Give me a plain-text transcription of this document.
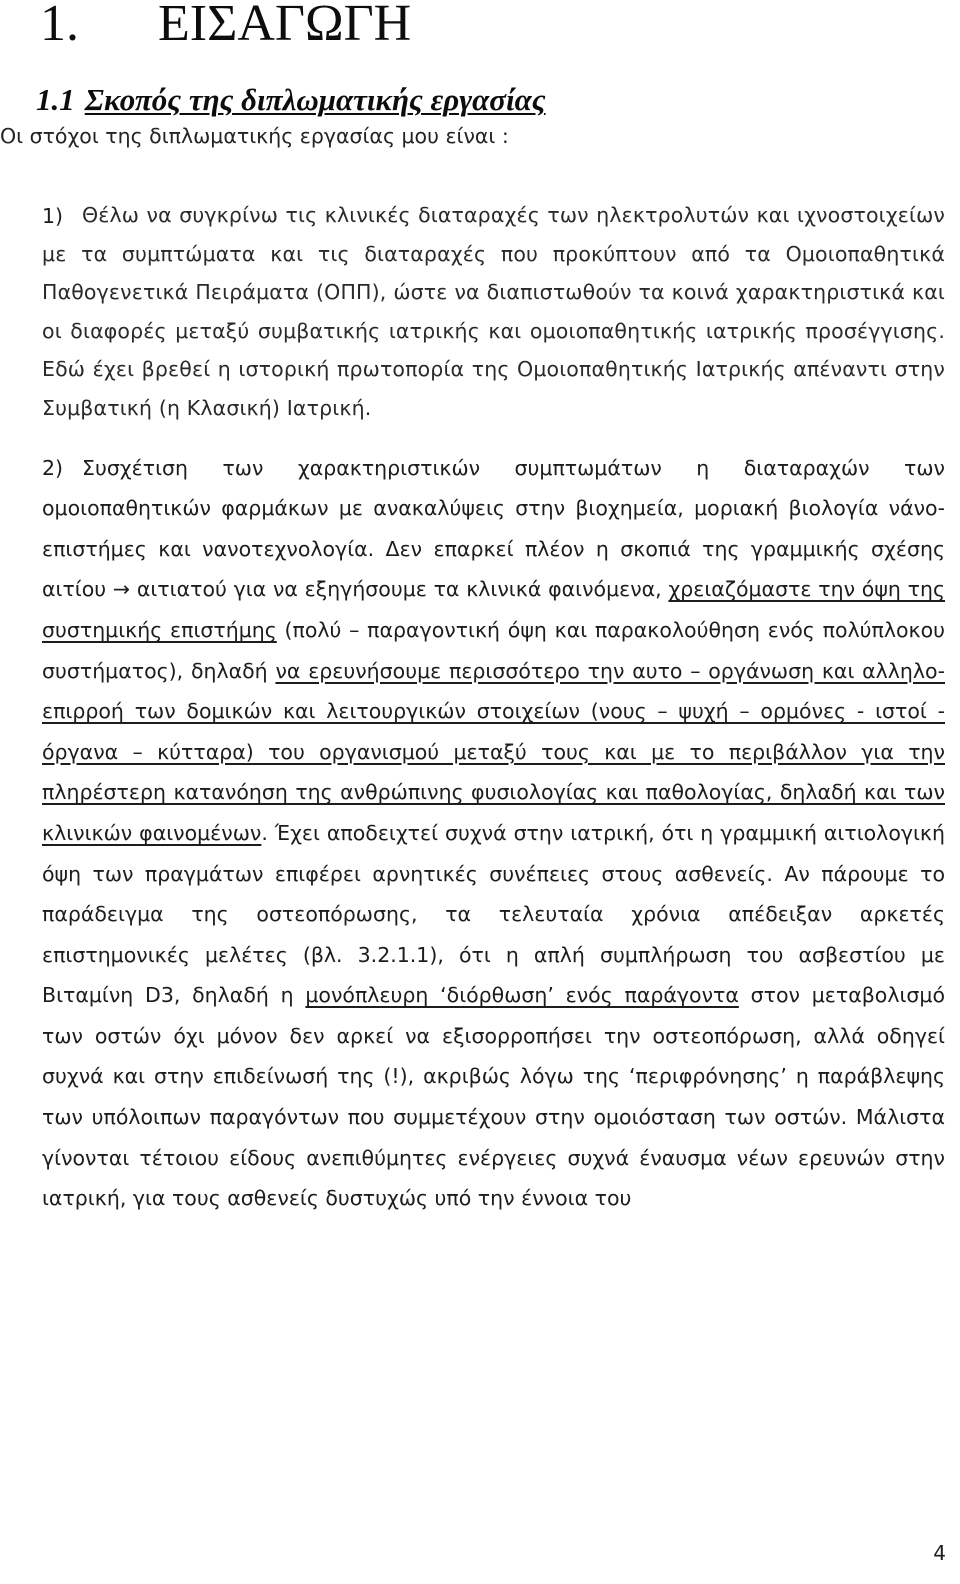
1. ΕΙΣΑΓΩΓΗ
1.1 Σκοπός της διπλωματικής εργασίας

Οι στόχοι της διπλωματικής εργασίας μου είναι :

1) Θέλω να συγκρίνω τις κλινικές διαταραχές των ηλεκτρολυτών και ιχνοστοιχείων με τα συμπτώματα και τις διαταραχές που προκύπτουν από τα Ομοιοπαθητικά Παθογενετικά Πειράματα (ΟΠΠ), ώστε να διαπιστωθούν τα κοινά χαρακτηριστικά και οι διαφορές μεταξύ συμβατικής ιατρικής και ομοιοπαθητικής ιατρικής προσέγγισης. Εδώ έχει βρεθεί η ιστορική πρωτοπορία της Ομοιοπαθητικής Ιατρικής απέναντι στην Συμβατική (η Κλασική) Ιατρική.

2) Συσχέτιση των χαρακτηριστικών συμπτωμάτων η διαταραχών των ομοιοπαθητικών φαρμάκων με ανακαλύψεις στην βιοχημεία, μοριακή βιολογία νάνο-επιστήμες και νανοτεχνολογία. Δεν επαρκεί πλέον η σκοπιά της γραμμικής σχέσης αιτίου → αιτιατού για να εξηγήσουμε τα κλινικά φαινόμενα, χρειαζόμαστε την όψη της συστημικής επιστήμης (πολύ – παραγοντική όψη και παρακολούθηση ενός πολύπλοκου συστήματος), δηλαδή να ερευνήσουμε περισσότερο την αυτο – οργάνωση και αλληλο-επιρροή των δομικών και λειτουργικών στοιχείων (νους – ψυχή – ορμόνες - ιστοί - όργανα – κύτταρα) του οργανισμού μεταξύ τους και με το περιβάλλον για την πληρέστερη κατανόηση της ανθρώπινης φυσιολογίας και παθολογίας, δηλαδή και των κλινικών φαινομένων. Έχει αποδειχτεί συχνά στην ιατρική, ότι η γραμμική αιτιολογική όψη των πραγμάτων επιφέρει αρνητικές συνέπειες στους ασθενείς. Αν πάρουμε το παράδειγμα της οστεοπόρωσης, τα τελευταία χρόνια απέδειξαν αρκετές επιστημονικές μελέτες (βλ. 3.2.1.1), ότι η απλή συμπλήρωση του ασβεστίου με Βιταμίνη D3, δηλαδή η μονόπλευρη ‘διόρθωση’ ενός παράγοντα στον μεταβολισμό των οστών όχι μόνον δεν αρκεί να εξισορροπήσει την οστεοπόρωση, αλλά οδηγεί συχνά και στην επιδείνωσή της (!), ακριβώς λόγω της ‘περιφρόνησης’ η παράβλεψης των υπόλοιπων παραγόντων που συμμετέχουν στην ομοιόσταση των οστών. Μάλιστα γίνονται τέτοιου είδους ανεπιθύμητες ενέργειες συχνά έναυσμα νέων ερευνών στην ιατρική, για τους ασθενείς δυστυχώς υπό την έννοια του

4
